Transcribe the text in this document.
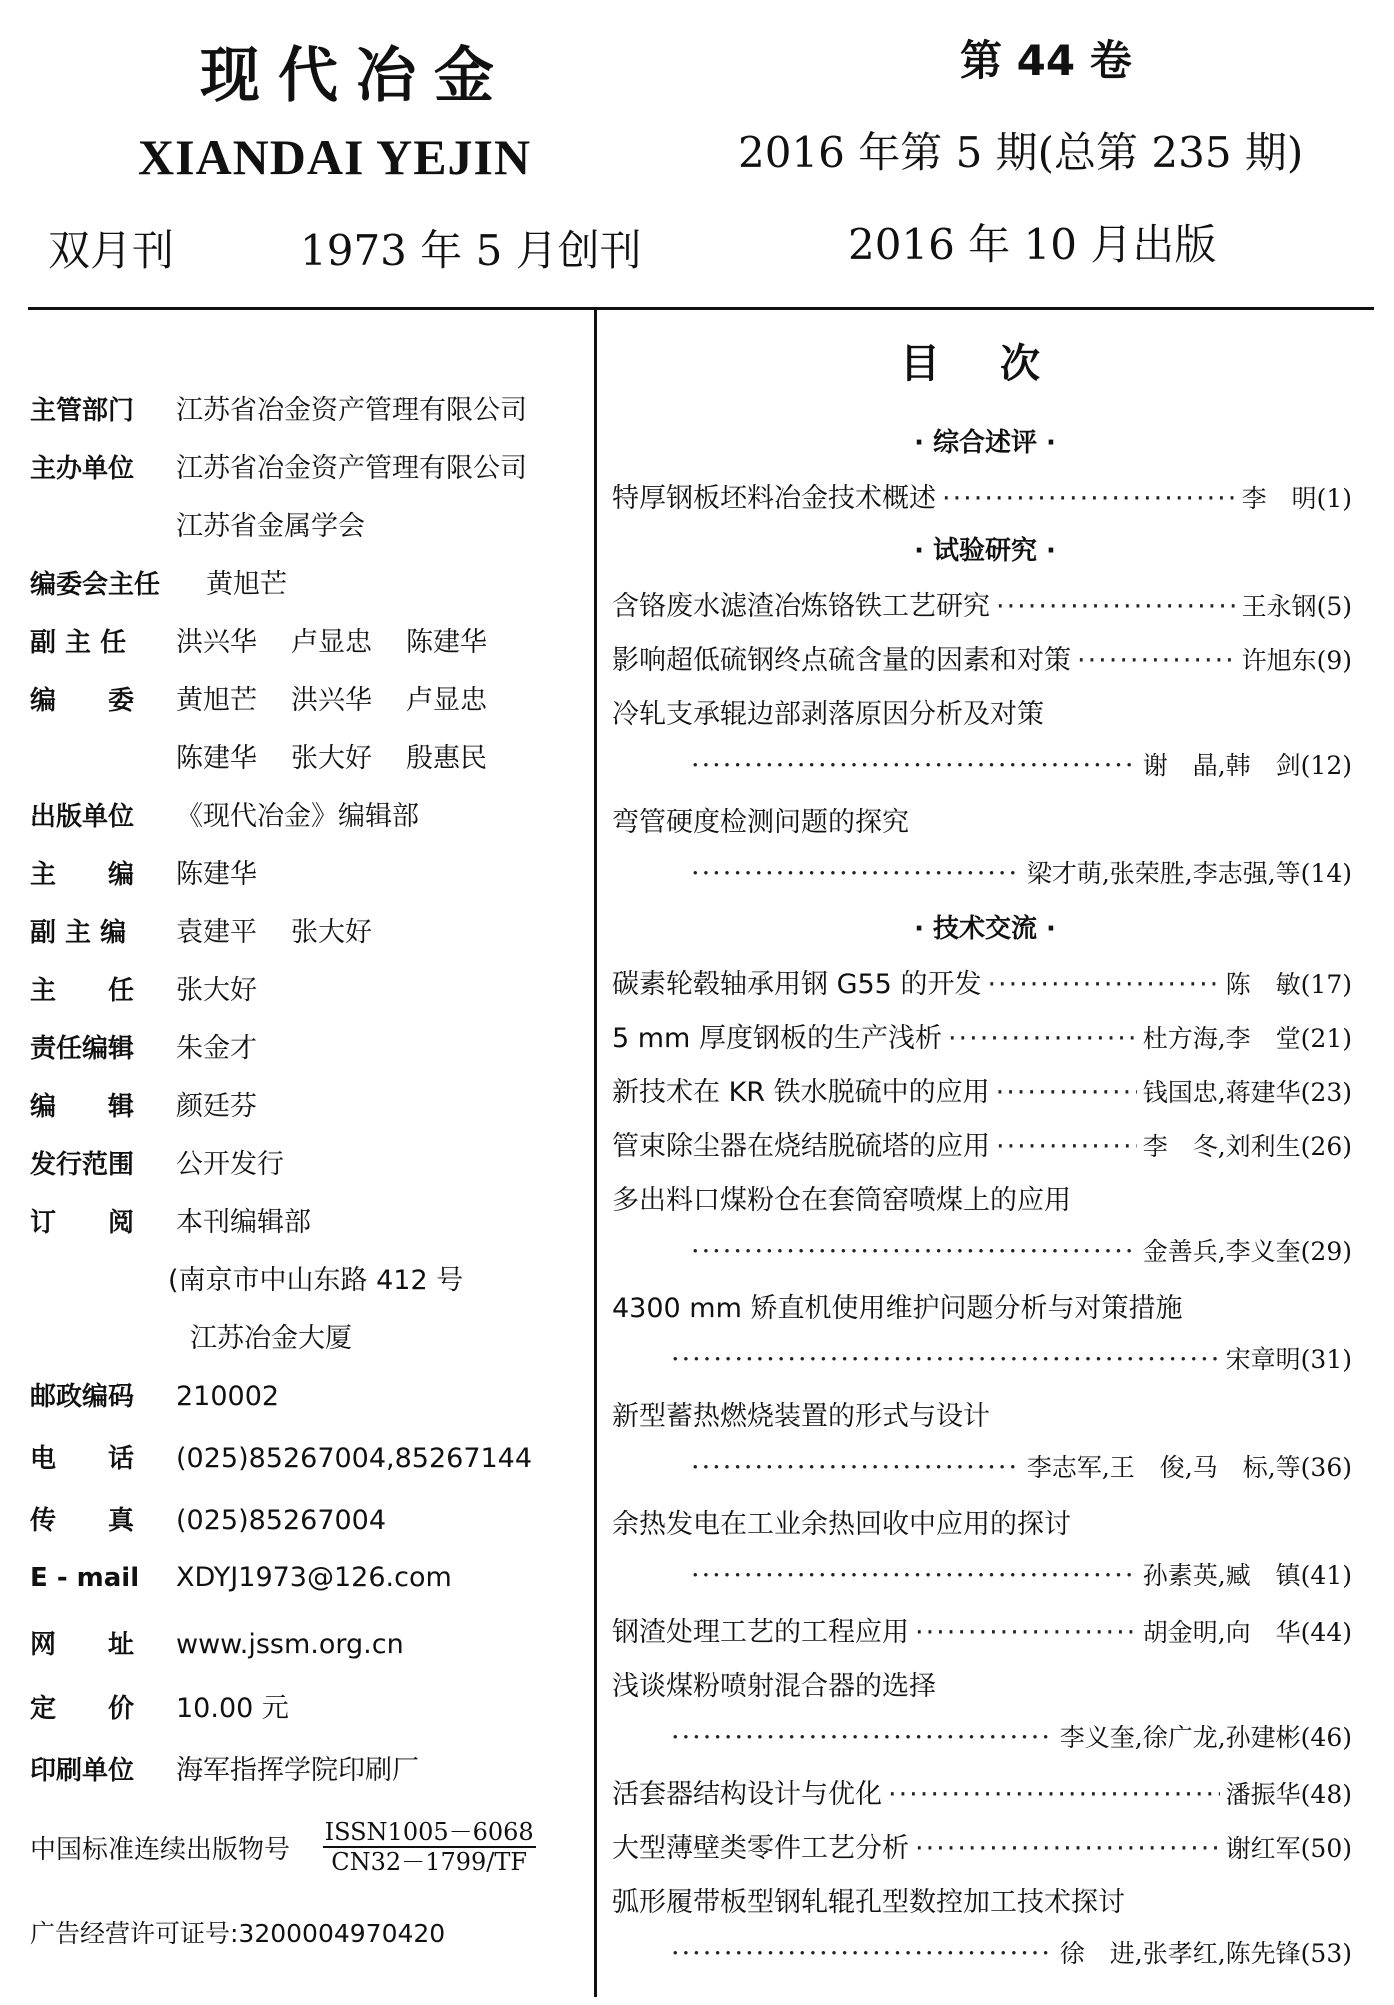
现代冶金
XIANDAI YEJIN
双月刊	1973 年 5 月创刊
第 44 卷
2016 年第 5 期(总第 235 期)
2016 年 10 月出版
主管部门 江苏省冶金资产管理有限公司
主办单位 江苏省冶金资产管理有限公司
江苏省金属学会
编委会主任 黄旭芒
副 主 任 洪兴华 卢显忠 陈建华
编　　委 黄旭芒 洪兴华 卢显忠
陈建华 张大好 殷惠民
出版单位 《现代冶金》编辑部
主　　编 陈建华
副 主 编 袁建平 张大好
主　　任 张大好
责任编辑 朱金才
编　　辑 颜廷芬
发行范围 公开发行
订　　阅 本刊编辑部
(南京市中山东路 412 号
江苏冶金大厦
邮政编码 210002
电　　话 (025)85267004,85267144
传　　真 (025)85267004
E - mail XDYJ1973@126.com
网　　址 www.jssm.org.cn
定　　价 10.00 元
印刷单位 海军指挥学院印刷厂
中国标准连续出版物号 $\frac{\text{ISSN1005－6068}}{CN32-1799/TF}$
广告经营许可证号:3200004970420
目次
· 综合述评 ·
特厚钢板坯料冶金技术概述 ·····	李　明(1)
· 试验研究 ·
含铬废水滤渣冶炼铬铁工艺研究 ·····	王永钢(5)
影响超低硫钢终点硫含量的因素和对策 ·····	许旭东(9)
冷轧支承辊边部剥落原因分析及对策
·····
谢　晶,韩　剑(12)
弯管硬度检测问题的探究
·····
梁才萌,张荣胜,李志强,等(14)
· 技术交流 ·
碳素轮毂轴承用钢 G55 的开发 ·····	陈　敏(17)
5 mm 厚度钢板的生产浅析 ·····	杜方海,李　堂(21)
新技术在 KR 铁水脱硫中的应用 ·····	钱国忠,蒋建华(23)
管束除尘器在烧结脱硫塔的应用 ·····	李　冬,刘利生(26)
多出料口煤粉仓在套筒窑喷煤上的应用
·····
金善兵,李义奎(29)
4300 mm 矫直机使用维护问题分析与对策措施
·····
宋章明(31)
新型蓄热燃烧装置的形式与设计
·····
李志军,王　俊,马　标,等(36)
余热发电在工业余热回收中应用的探讨
·····
孙素英,臧　镇(41)
钢渣处理工艺的工程应用 ·····	胡金明,向　华(44)
浅谈煤粉喷射混合器的选择
·····
李义奎,徐广龙,孙建彬(46)
活套器结构设计与优化 ·····	潘振华(48)
大型薄壁类零件工艺分析 ·····	谢红军(50)
弧形履带板型钢轧辊孔型数控加工技术探讨
·····
徐　进,张孝红,陈先锋(53)
